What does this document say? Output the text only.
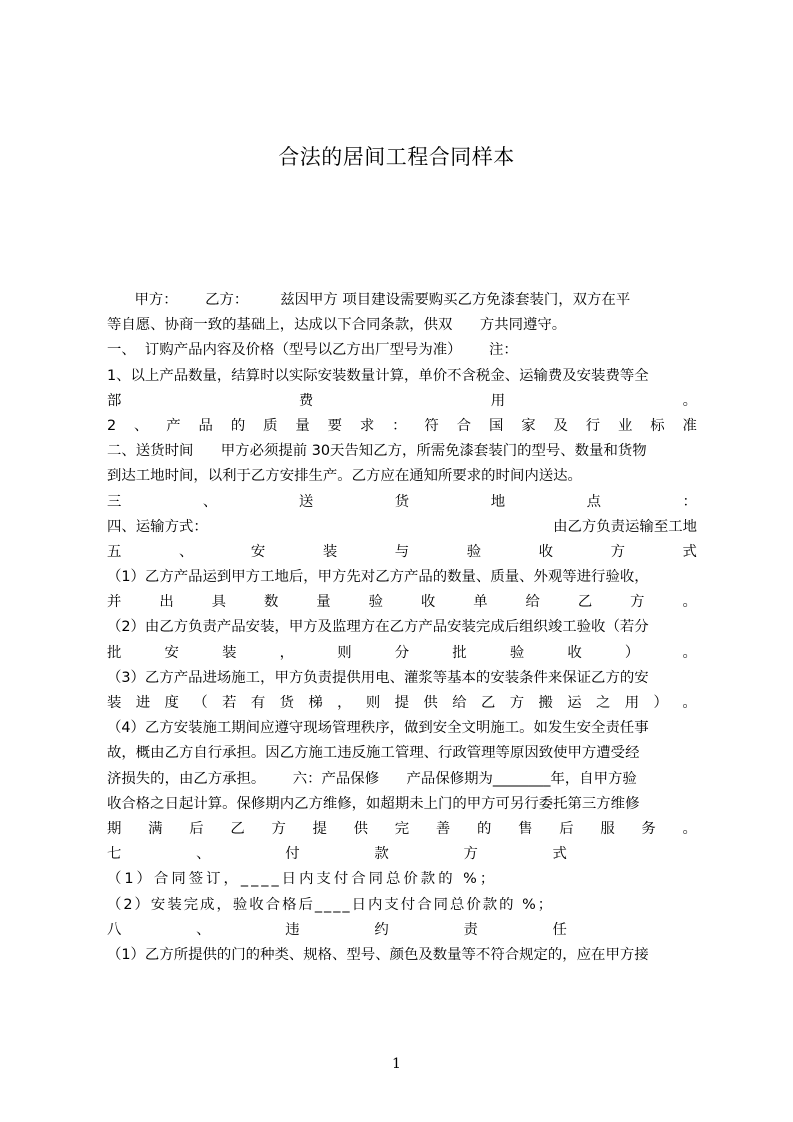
合法的居间工程合同样本
甲方：      乙方：       兹因甲方 项目建设需要购买乙方免漆套装门，双方在平
等自愿、协商一致的基础上，达成以下合同条款，供双      方共同遵守。
一、  订购产品内容及价格（型号以乙方出厂型号为准）      注：
1、以上产品数量，结算时以实际安装数量计算，单价不含税金、运输费及安装费等全
部	费	用	。
2 、 产 品 的 质 量 要 求 ： 符 合 国 家 及 行 业 标 准
二、送货时间      甲方必须提前 30天告知乙方，所需免漆套装门的型号、数量和货物
到达工地时间，以利于乙方安排生产。乙方应在通知所要求的时间内送达。
三	、	送	货	地	点	：
四、运输方式：	由乙方负责运输至工地
五	、	安	装	与	验	收	方	式
（1）乙方产品运到甲方工地后，甲方先对乙方产品的数量、质量、外观等进行验收，
并	出	具	数	量	验	收	单	给	乙	方	。
（2）由乙方负责产品安装，甲方及监理方在乙方产品安装完成后组织竣工验收（若分
批	安	装	，	则	分	批	验	收	）	。
（3）乙方产品进场施工，甲方负责提供用电、灌浆等基本的安装条件来保证乙方的安
装 进 度 （ 若 有 货 梯 ， 则 提 供 给 乙 方 搬 运 之 用 ） 。
（4）乙方安装施工期间应遵守现场管理秩序，做到安全文明施工。如发生安全责任事
故，概由乙方自行承担。因乙方施工违反施工管理、行政管理等原因致使甲方遭受经
济损失的，由乙方承担。      六：产品保修      产品保修期为________年，自甲方验
收合格之日起计算。保修期内乙方维修，如超期未上门的甲方可另行委托第三方维修
期 满 后 乙 方 提 供 完 善 的 售 后 服 务 。
七	、	付	款	方	式
（1）合同签订，____日内支付合同总价款的 %；
（2）安装完成，验收合格后____日内支付合同总价款的 %；
八	、	违	约	责	任
（1）乙方所提供的门的种类、规格、型号、颜色及数量等不符合规定的，应在甲方接
1
